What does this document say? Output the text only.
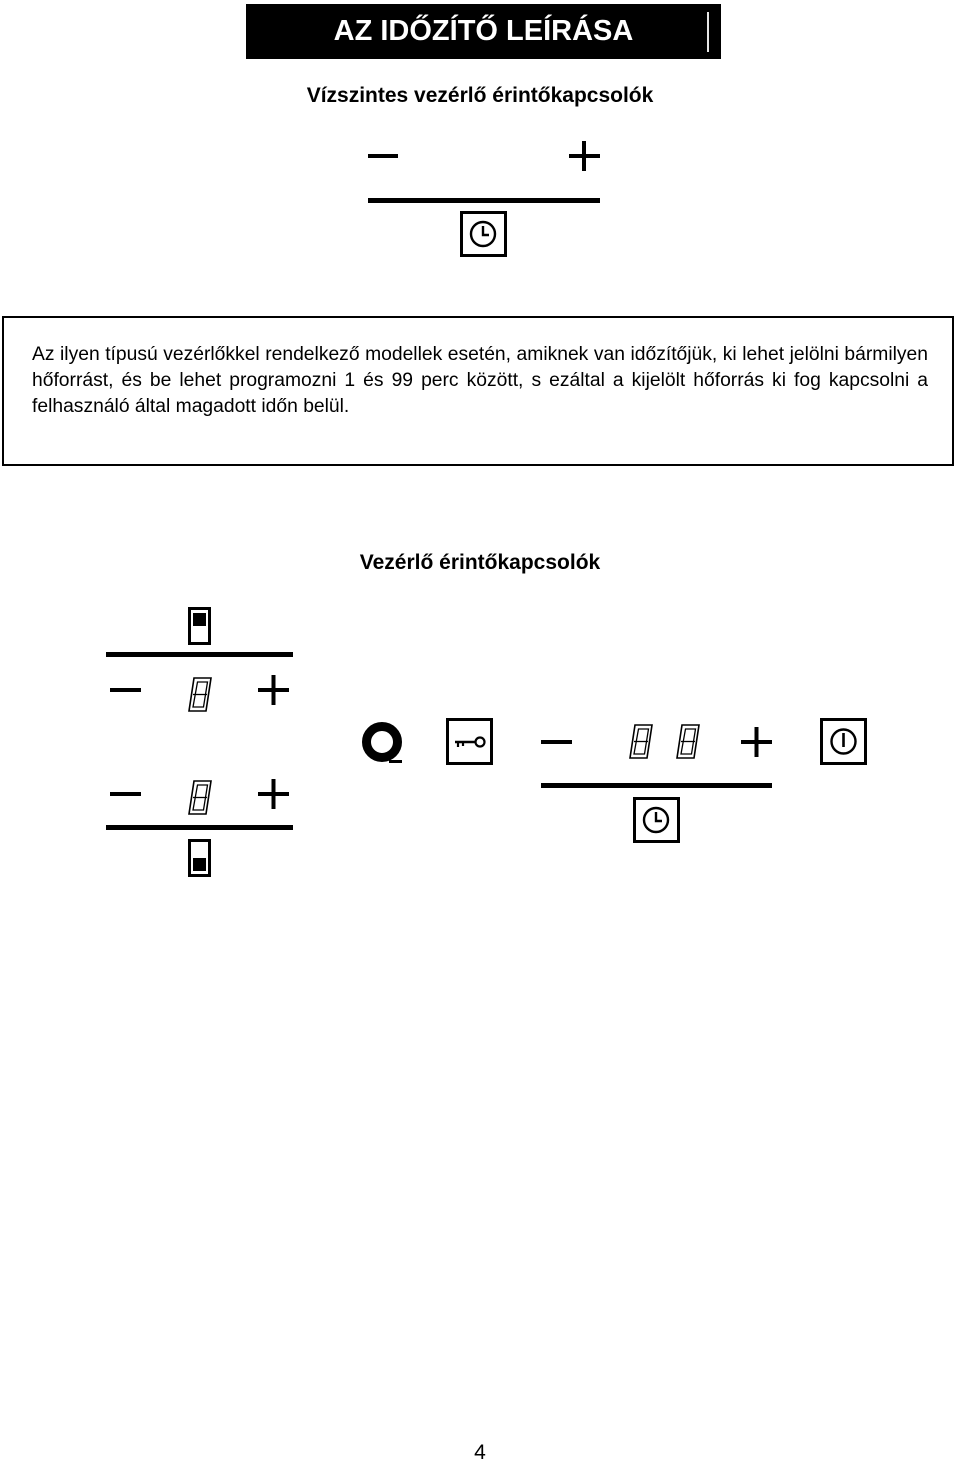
AZ IDŐZÍTŐ LEÍRÁSA
Vízszintes vezérlő érintőkapcsolók
Az ilyen típusú vezérlőkkel rendelkező modellek esetén, amiknek van időzítőjük, ki lehet jelölni bármilyen hőforrást, és be lehet programozni 1 és 99 perc között, s ezáltal a kijelölt hőforrás ki fog kapcsolni a felhasználó által magadott időn belül.
Vezérlő érintőkapcsolók
4
